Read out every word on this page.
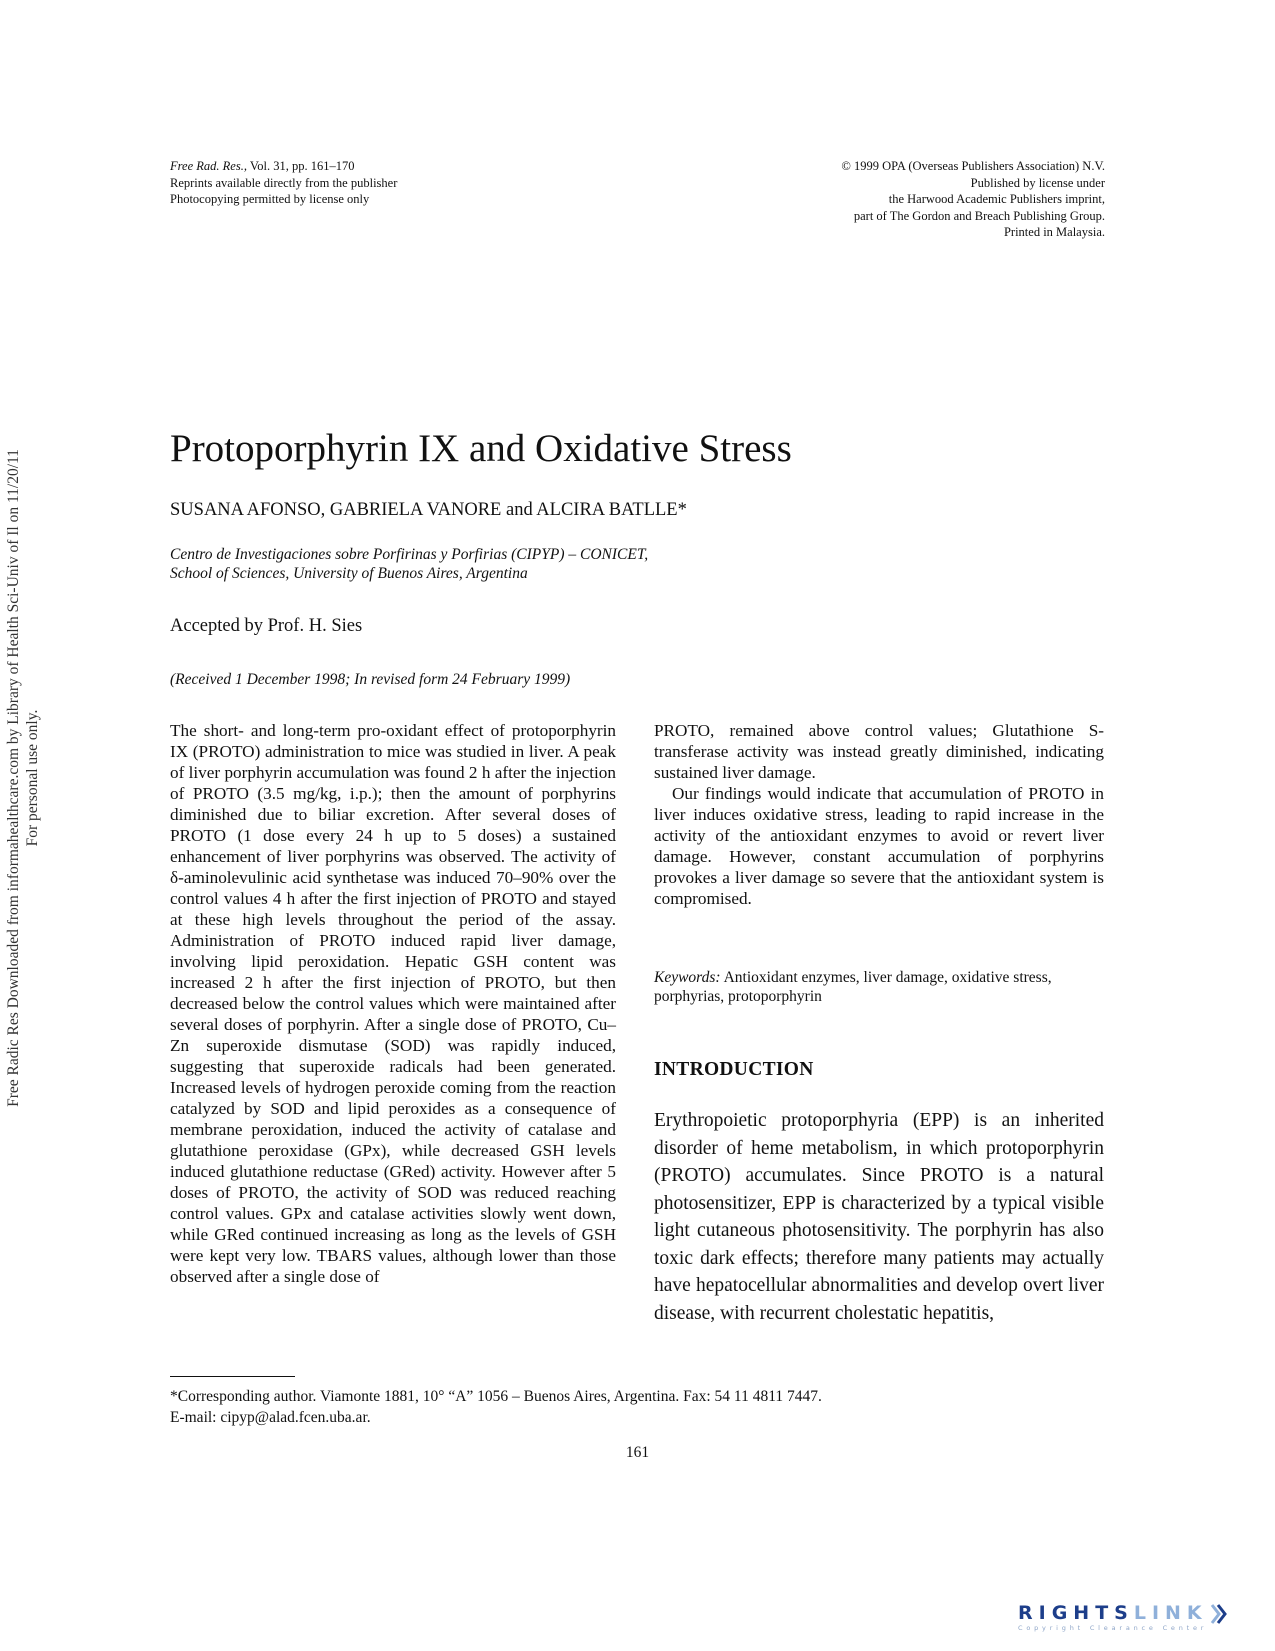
Free Radic Res Downloaded from informahealthcare.com by Library of Health Sci-Univ of Il on 11/20/11 For personal use only.
Free Rad. Res., Vol. 31, pp. 161–170
Reprints available directly from the publisher
Photocopying permitted by license only
© 1999 OPA (Overseas Publishers Association) N.V.
Published by license under
the Harwood Academic Publishers imprint,
part of The Gordon and Breach Publishing Group.
Printed in Malaysia.
Protoporphyrin IX and Oxidative Stress
SUSANA AFONSO, GABRIELA VANORE and ALCIRA BATLLE*
Centro de Investigaciones sobre Porfirinas y Porfirias (CIPYP) – CONICET,
School of Sciences, University of Buenos Aires, Argentina
Accepted by Prof. H. Sies
(Received 1 December 1998; In revised form 24 February 1999)

The short- and long-term pro-oxidant effect of protoporphyrin IX (PROTO) administration to mice was studied in liver. A peak of liver porphyrin accumulation was found 2 h after the injection of PROTO (3.5 mg/kg, i.p.); then the amount of porphyrins diminished due to biliar excretion. After several doses of PROTO (1 dose every 24 h up to 5 doses) a sustained enhancement of liver porphyrins was observed. The activity of δ-aminolevulinic acid synthetase was induced 70–90% over the control values 4 h after the first injection of PROTO and stayed at these high levels throughout the period of the assay. Administration of PROTO induced rapid liver damage, involving lipid peroxidation. Hepatic GSH content was increased 2 h after the first injection of PROTO, but then decreased below the control values which were maintained after several doses of porphyrin. After a single dose of PROTO, Cu–Zn superoxide dismutase (SOD) was rapidly induced, suggesting that superoxide radicals had been generated. Increased levels of hydrogen peroxide coming from the reaction catalyzed by SOD and lipid peroxides as a consequence of membrane peroxidation, induced the activity of catalase and glutathione peroxidase (GPx), while decreased GSH levels induced glutathione reductase (GRed) activity. However after 5 doses of PROTO, the activity of SOD was reduced reaching control values. GPx and catalase activities slowly went down, while GRed continued increasing as long as the levels of GSH were kept very low. TBARS values, although lower than those observed after a single dose of

PROTO, remained above control values; Glutathione S-transferase activity was instead greatly diminished, indicating sustained liver damage.

Our findings would indicate that accumulation of PROTO in liver induces oxidative stress, leading to rapid increase in the activity of the antioxidant enzymes to avoid or revert liver damage. However, constant accumulation of porphyrins provokes a liver damage so severe that the antioxidant system is compromised.

Keywords: Antioxidant enzymes, liver damage, oxidative stress, porphyrias, protoporphyrin
INTRODUCTION
Erythropoietic protoporphyria (EPP) is an inherited disorder of heme metabolism, in which protoporphyrin (PROTO) accumulates. Since PROTO is a natural photosensitizer, EPP is characterized by a typical visible light cutaneous photosensitivity. The porphyrin has also toxic dark effects; therefore many patients may actually have hepatocellular abnormalities and develop overt liver disease, with recurrent cholestatic hepatitis,
*Corresponding author. Viamonte 1881, 10° “A” 1056 – Buenos Aires, Argentina. Fax: 54 11 4811 7447.
E-mail: cipyp@alad.fcen.uba.ar.
161
RIGHTSLINK
Copyright Clearance Center
